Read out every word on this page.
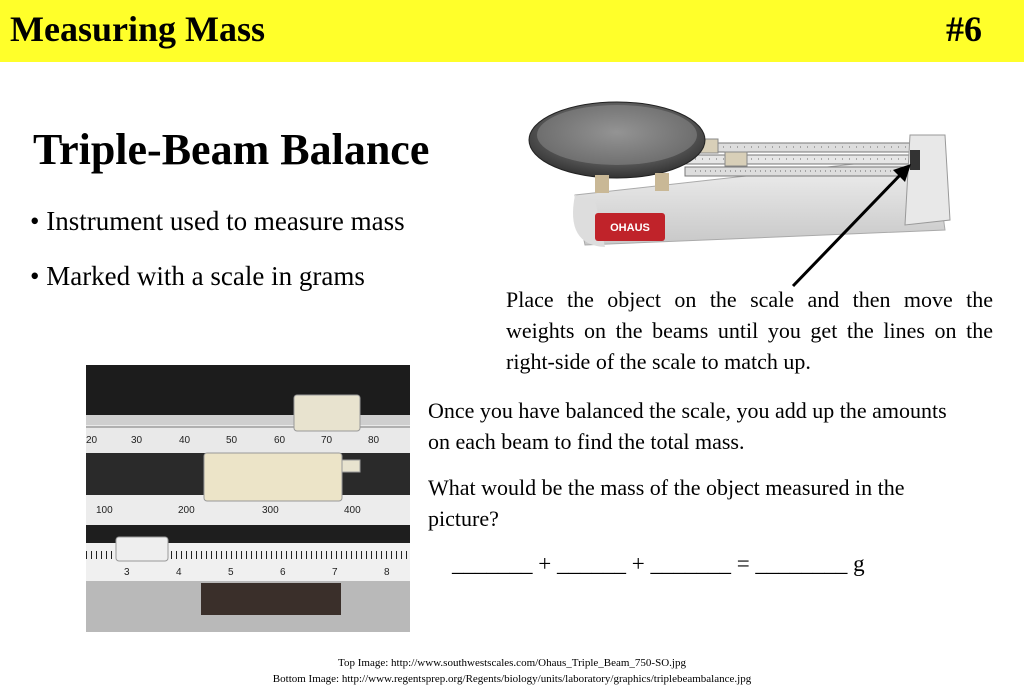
Measuring Mass	#6
Triple-Beam Balance
• Instrument used to measure mass
• Marked with a scale in grams
OHAUS
20	30	40	50	60	70	80
100	200	300	400
3	4	5	6	7	8
Place the object on the scale and then move the weights on the beams until you get the lines on the right-side of the scale to match up.
Once you have balanced the scale, you add up the amounts on each beam to find the total mass.
What would be the mass of the object measured in the picture?
_______ + ______ + _______ = ________ g
Top Image: http://www.southwestscales.com/Ohaus_Triple_Beam_750-SO.jpg
Bottom Image: http://www.regentsprep.org/Regents/biology/units/laboratory/graphics/triplebeambalance.jpg
